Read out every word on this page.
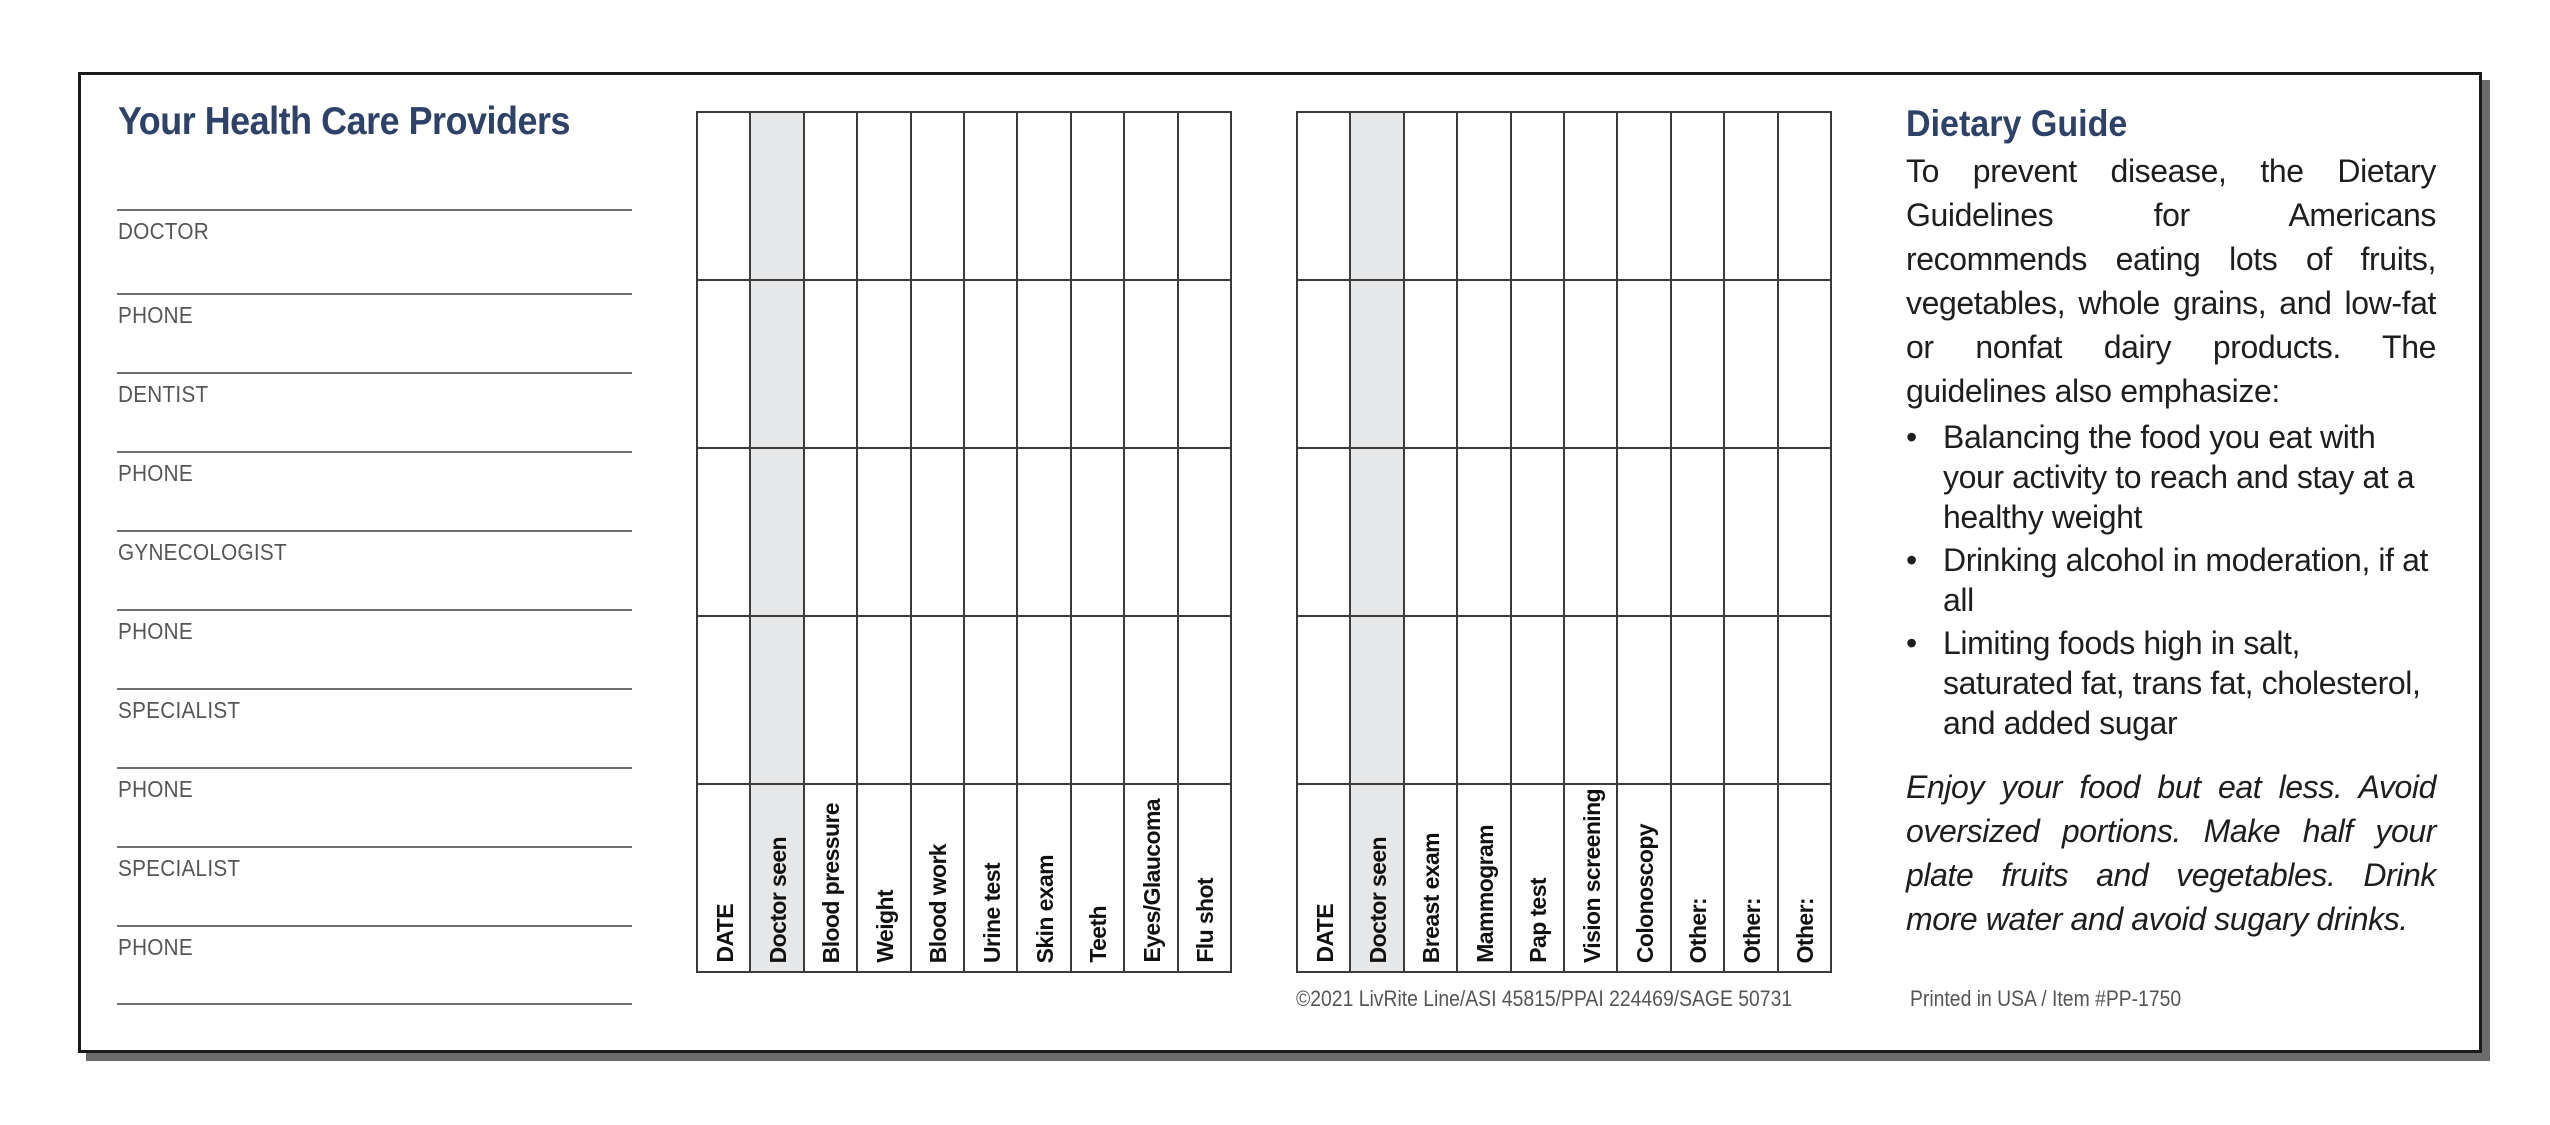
Your Health Care Providers
DOCTOR
PHONE
DENTIST
PHONE
GYNECOLOGIST
PHONE
SPECIALIST
PHONE
SPECIALIST
PHONE

										DATE	Doctor seen	Blood pressure	Weight	Blood work	Urine test	Skin exam	Teeth	Eyes/Glaucoma	Flu shot

										DATE	Doctor seen	Breast exam	Mammogram	Pap test	Vision screening	Colonoscopy	Other:	Other:	Other:
©2021 LivRite Line/ASI 45815/PPAI 224469/SAGE 50731
Dietary Guide

To prevent disease, the Dietary Guidelines for Americans recommends eating lots of fruits, vegetables, whole grains, and low-fat or nonfat dairy products. The guidelines also emphasize:

• Balancing the food you eat with your activity to reach and stay at a healthy weight
• Drinking alcohol in moderation, if at all
• Limiting foods high in salt, saturated fat, trans fat, cholesterol, and added sugar

Enjoy your food but eat less. Avoid oversized portions. Make half your plate fruits and vegetables. Drink more water and avoid sugary drinks.

Printed in USA / Item #PP-1750
